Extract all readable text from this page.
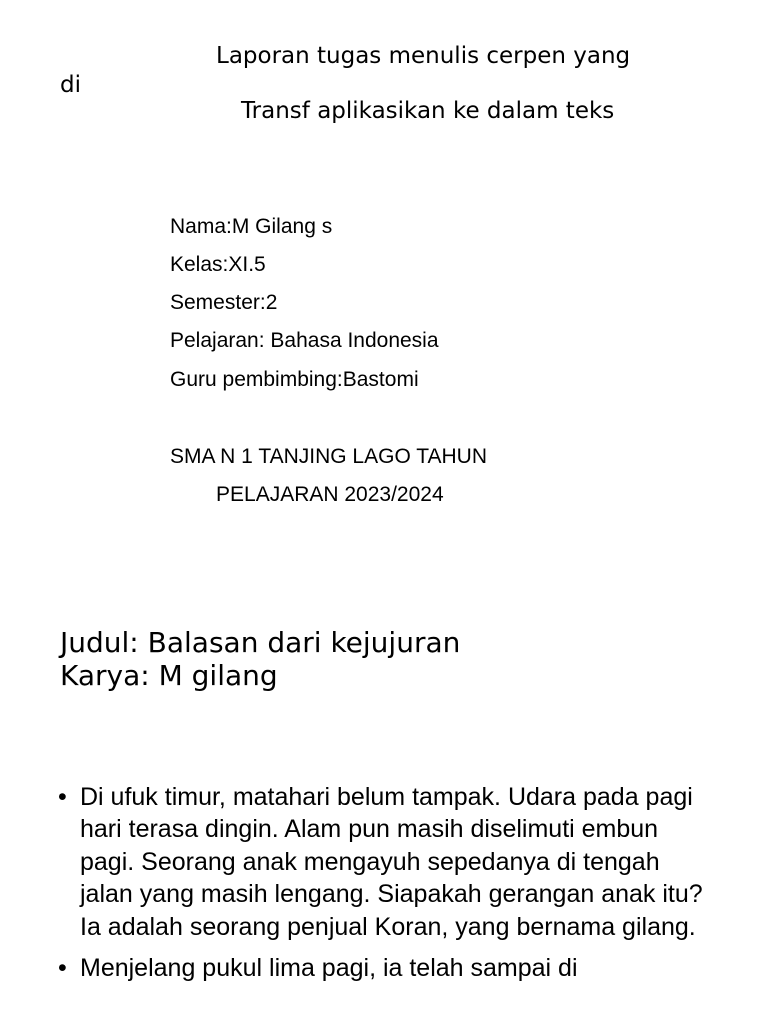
Laporan tugas menulis cerpen yang
di
Transf aplikasikan ke dalam teks
Nama:M Gilang s
Kelas:XI.5
Semester:2
Pelajaran: Bahasa Indonesia
Guru pembimbing:Bastomi
SMA N 1 TANJING LAGO TAHUN
PELAJARAN 2023/2024
Judul: Balasan dari kejujuran
Karya: M gilang
• Di ufuk timur, matahari belum tampak. Udara pada pagi hari terasa dingin. Alam pun masih diselimuti embun pagi. Seorang anak mengayuh sepedanya di tengah jalan yang masih lengang. Siapakah gerangan anak itu? Ia adalah seorang penjual Koran, yang bernama gilang.
• Menjelang pukul lima pagi, ia telah sampai di
